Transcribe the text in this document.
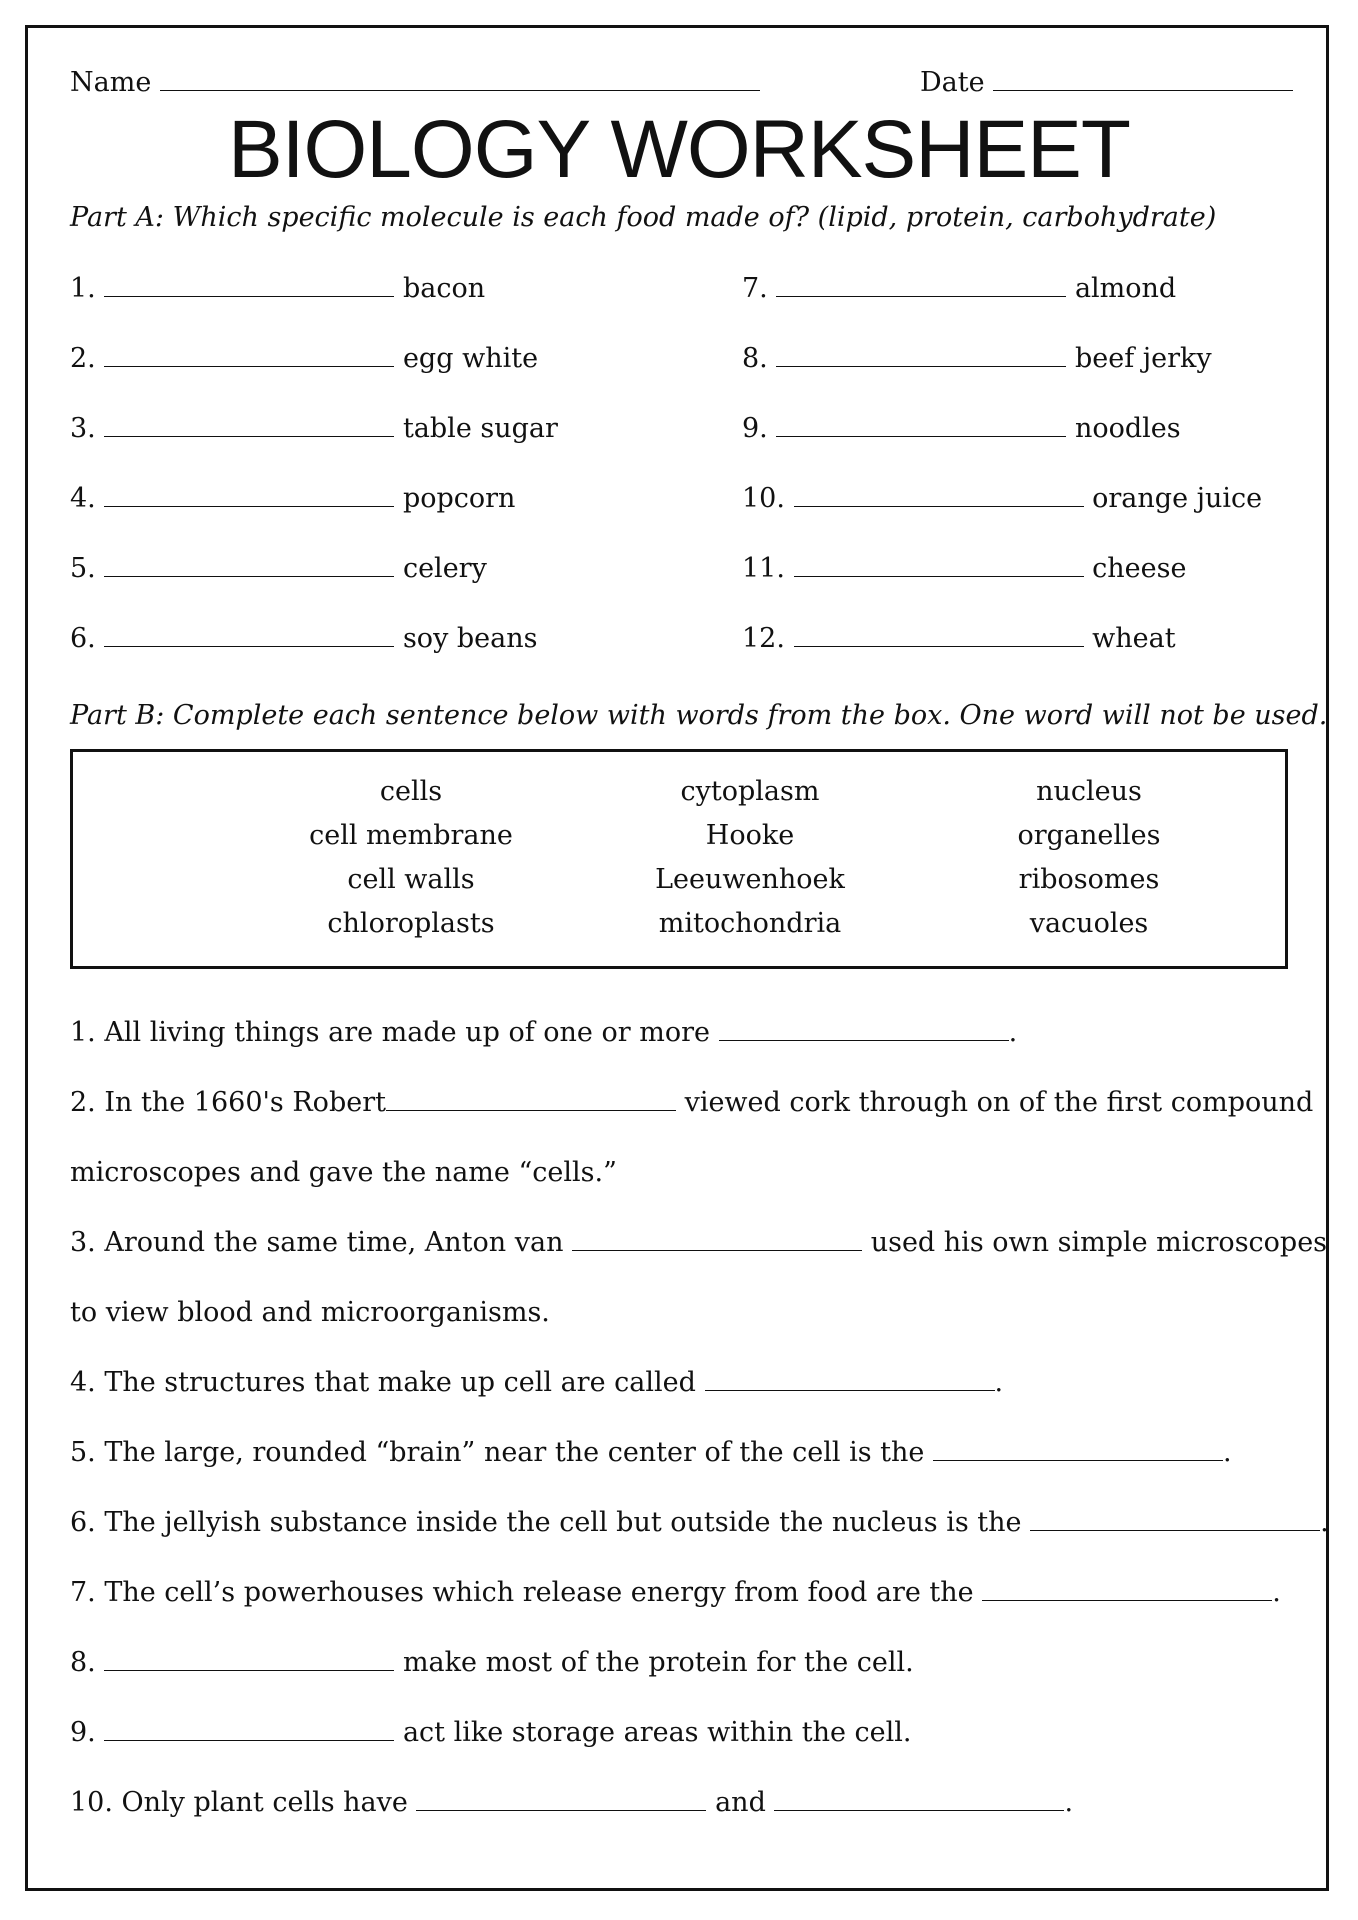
Name	Date
BIOLOGY WORKSHEET
Part A: Which specific molecule is each food made of? (lipid, protein, carbohydrate)
1.	bacon
2.	egg white
3.	table sugar
4.	popcorn
5.	celery
6.	soy beans
7.	almond
8.	beef jerky
9.	noodles
10.	orange juice
11.	cheese
12.	wheat
Part B: Complete each sentence below with words from the box. One word will not be used.
cells	cytoplasm	nucleus
cell membrane	Hooke	organelles
cell walls	Leeuwenhoek	ribosomes
chloroplasts	mitochondria	vacuoles
1. All living things are made up of one or more	.
2. In the 1660's Robert	viewed cork through on of the first compound
microscopes and gave the name “cells.”
3. Around the same time, Anton van	used his own simple microscopes
to view blood and microorganisms.
4. The structures that make up cell are called	.
5. The large, rounded “brain” near the center of the cell is the	.
6. The jellyish substance inside the cell but outside the nucleus is the	.
7. The cell’s powerhouses which release energy from food are the	.
8.	make most of the protein for the cell.
9.	act like storage areas within the cell.
10. Only plant cells have	and	.
